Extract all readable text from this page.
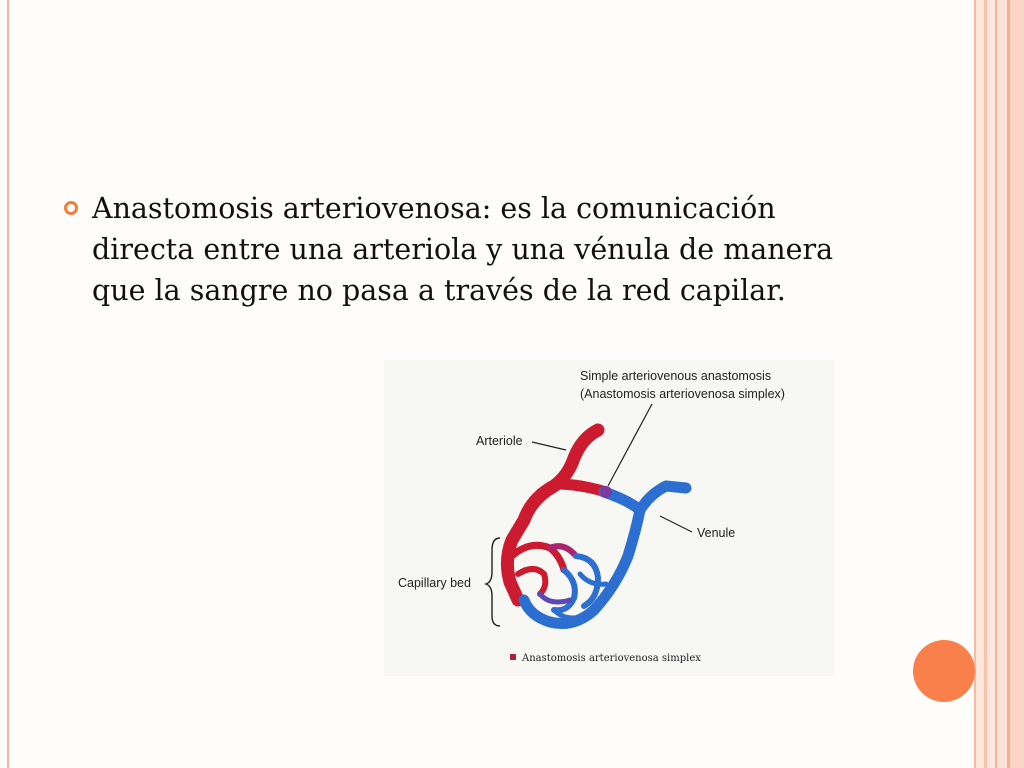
Anastomosis arteriovenosa: es la comunicación directa entre una arteriola y una vénula de manera que la sangre no pasa a través de la red capilar.
Simple arteriovenous anastomosis
(Anastomosis arteriovenosa simplex)
Arteriole
Venule
Capillary bed
Anastomosis arteriovenosa simplex
